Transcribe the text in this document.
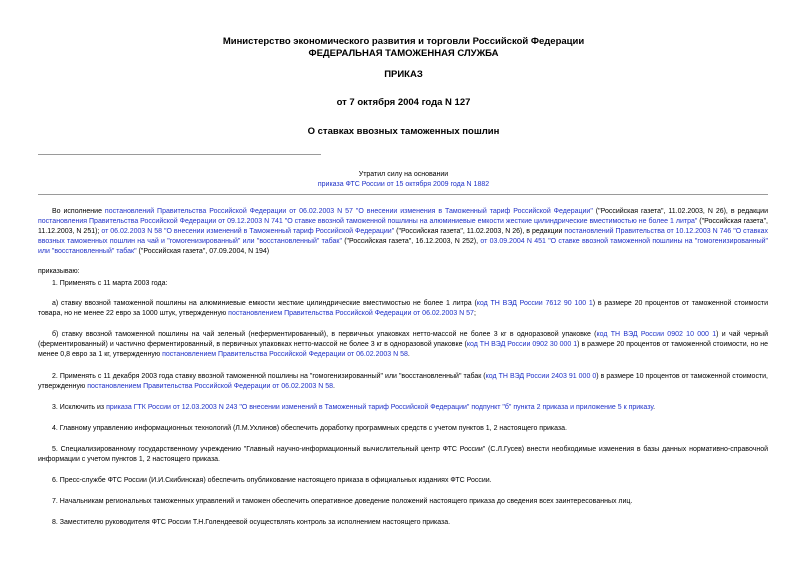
Министерство экономического развития и торговли Российской Федерации
ФЕДЕРАЛЬНАЯ ТАМОЖЕННАЯ СЛУЖБА
ПРИКАЗ
от 7 октября 2004 года N 127
О ставках ввозных таможенных пошлин
Утратил силу на основании
приказа ФТС России от 15 октября 2009 года N 1882

Во исполнение постановлений Правительства Российской Федерации от 06.02.2003 N 57 "О внесении изменения в Таможенный тариф Российской Федерации" ("Российская газета", 11.02.2003, N 26), в редакции постановления Правительства Российской Федерации от 09.12.2003 N 741 "О ставке ввозной таможенной пошлины на алюминиевые емкости жесткие цилиндрические вместимостью не более 1 литра" ("Российская газета", 11.12.2003, N 251); от 06.02.2003 N 58 "О внесении изменений в Таможенный тариф Российской Федерации" ("Российская газета", 11.02.2003, N 26), в редакции постановлений Правительства от 10.12.2003 N 746 "О ставках ввозных таможенных пошлин на чай и "гомогенизированный" или "восстановленный" табак" ("Российская газета", 16.12.2003, N 252), от 03.09.2004 N 451 "О ставке ввозной таможенной пошлины на "гомогенизированный" или "восстановленный" табак" ("Российская газета", 07.09.2004, N 194)

приказываю:

1. Применять с 11 марта 2003 года:

а) ставку ввозной таможенной пошлины на алюминиевые емкости жесткие цилиндрические вместимостью не более 1 литра (код ТН ВЭД России 7612 90 100 1) в размере 20 процентов от таможенной стоимости товара, но не менее 22 евро за 1000 штук, утвержденную постановлением Правительства Российской Федерации от 06.02.2003 N 57;

б) ставку ввозной таможенной пошлины на чай зеленый (неферментированный), в первичных упаковках нетто-массой не более 3 кг в одноразовой упаковке (код ТН ВЭД России 0902 10 000 1) и чай черный (ферментированный) и частично ферментированный, в первичных упаковках нетто-массой не более 3 кг в одноразовой упаковке (код ТН ВЭД России 0902 30 000 1) в размере 20 процентов от таможенной стоимости, но не менее 0,8 евро за 1 кг, утвержденную постановлением Правительства Российской Федерации от 06.02.2003 N 58.

2. Применять с 11 декабря 2003 года ставку ввозной таможенной пошлины на "гомогенизированный" или "восстановленный" табак (код ТН ВЭД России 2403 91 000 0) в размере 10 процентов от таможенной стоимости, утвержденную постановлением Правительства Российской Федерации от 06.02.2003 N 58.

3. Исключить из приказа ГТК России от 12.03.2003 N 243 "О внесении изменений в Таможенный тариф Российской Федерации" подпункт "б" пункта 2 приказа и приложение 5 к приказу.

4. Главному управлению информационных технологий (Л.М.Ухлинов) обеспечить доработку программных средств с учетом пунктов 1, 2 настоящего приказа.

5. Специализированному государственному учреждению "Главный научно-информационный вычислительный центр ФТС России" (С.Л.Гусев) внести необходимые изменения в базы данных нормативно-справочной информации с учетом пунктов 1, 2 настоящего приказа.

6. Пресс-службе ФТС России (И.И.Скибинская) обеспечить опубликование настоящего приказа в официальных изданиях ФТС России.

7. Начальникам региональных таможенных управлений и таможен обеспечить оперативное доведение положений настоящего приказа до сведения всех заинтересованных лиц.

8. Заместителю руководителя ФТС России Т.Н.Голендеевой осуществлять контроль за исполнением настоящего приказа.
